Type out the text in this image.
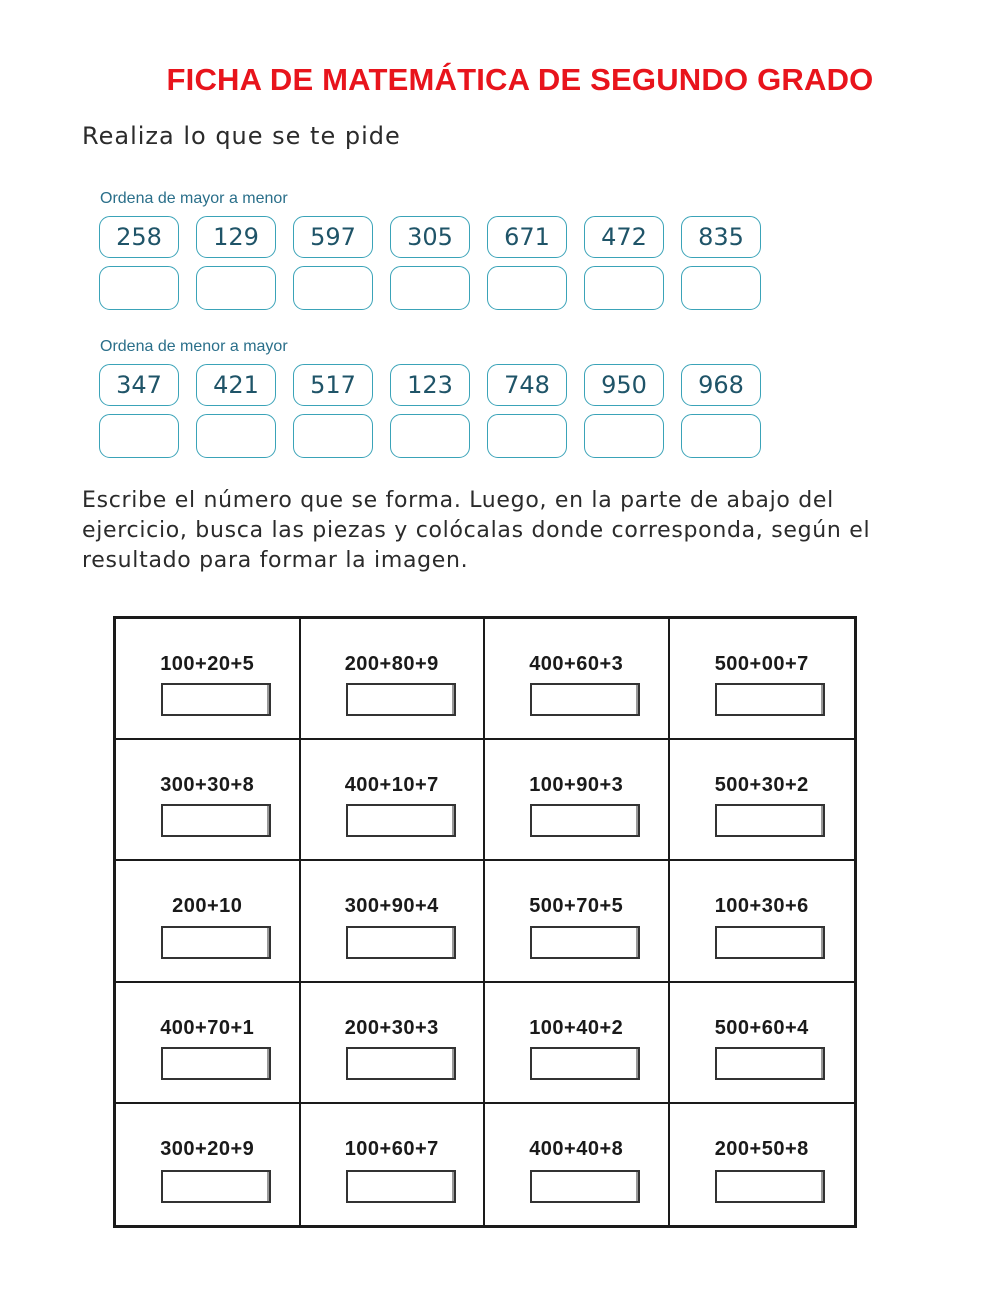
FICHA DE MATEMÁTICA DE SEGUNDO GRADO
Realiza lo que se te pide
Ordena de mayor a menor
258	129	597	305	671	472	835
Ordena de menor a mayor
347	421	517	123	748	950	968
Escribe el número que se forma. Luego, en la parte de abajo del ejercicio, busca las piezas y colócalas donde corresponda, según el resultado para formar la imagen.
100+20+5	200+80+9	400+60+3	500+00+7
300+30+8	400+10+7	100+90+3	500+30+2
200+10	300+90+4	500+70+5	100+30+6
400+70+1	200+30+3	100+40+2	500+60+4
300+20+9	100+60+7	400+40+8	200+50+8
